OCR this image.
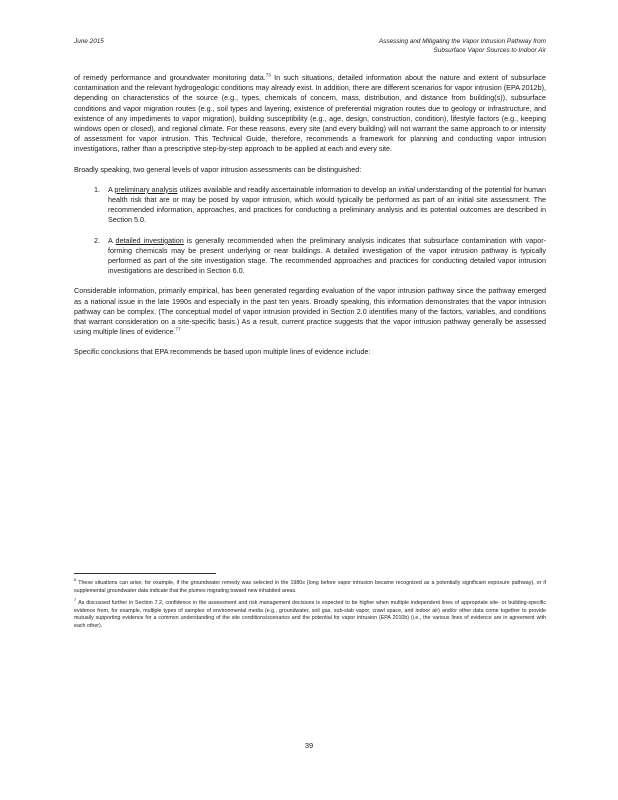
June 2015	Assessing and Mitigating the Vapor Intrusion Pathway from
Subsurface Vapor Sources to Indoor Air

of remedy performance and groundwater monitoring data.$^{73}$ In such situations, detailed information about the nature and extent of subsurface contamination and the relevant hydrogeologic conditions may already exist. In addition, there are different scenarios for vapor intrusion (EPA 2012b), depending on characteristics of the source (e.g., types, chemicals of concern, mass, distribution, and distance from building(s)), subsurface conditions and vapor migration routes (e.g., soil types and layering, existence of preferential migration routes due to geology or infrastructure, and existence of any impediments to vapor migration), building susceptibility (e.g., age, design, construction, condition), lifestyle factors (e.g., keeping windows open or closed), and regional climate. For these reasons, every site (and every building) will not warrant the same approach to or intensity of assessment for vapor intrusion. This Technical Guide, therefore, recommends a framework for planning and conducting vapor intrusion investigations, rather than a prescriptive step-by-step approach to be applied at each and every site.

Broadly speaking, two general levels of vapor intrusion assessments can be distinguished:

1. A preliminary analysis utilizes available and readily ascertainable information to develop an initial understanding of the potential for human health risk that are or may be posed by vapor intrusion, which would typically be performed as part of an initial site assessment. The recommended information, approaches, and practices for conducting a preliminary analysis and its potential outcomes are described in Section 5.0.
2. A detailed investigation is generally recommended when the preliminary analysis indicates that subsurface contamination with vapor-forming chemicals may be present underlying or near buildings. A detailed investigation of the vapor intrusion pathway is typically performed as part of the site investigation stage. The recommended approaches and practices for conducting detailed vapor intrusion investigations are described in Section 6.0.

Considerable information, primarily empirical, has been generated regarding evaluation of the vapor intrusion pathway since the pathway emerged as a national issue in the late 1990s and especially in the past ten years. Broadly speaking, this information demonstrates that the vapor intrusion pathway can be complex. (The conceptual model of vapor intrusion provided in Section 2.0 identifies many of the factors, variables, and conditions that warrant consideration on a site-specific basis.) As a result, current practice suggests that the vapor intrusion pathway generally be assessed using multiple lines of evidence.$^{77}$

Specific conclusions that EPA recommends be based upon multiple lines of evidence include:

$^6$These situations can arise, for example, if the groundwater remedy was selected in the 1980s (long before vapor intrusion became recognized as a potentially significant exposure pathway), or if supplemental groundwater data indicate that the plumes migrating toward new inhabited areas.

$^7$As discussed further in Section 7.2, confidence in the assessment and risk management decisions is expected to be higher when multiple independent lines of appropriate site- or building-specific evidence from, for example, multiple types of samples of environmental media (e.g., groundwater, soil gas, sub-slab vapor, crawl space, and indoor air) and/or other data come together to provide mutually supporting evidence for a common understanding of the site conditions/scenarios and the potential for vapor intrusion (EPA 2010b) (i.e., the various lines of evidence are in agreement with each other).

39
